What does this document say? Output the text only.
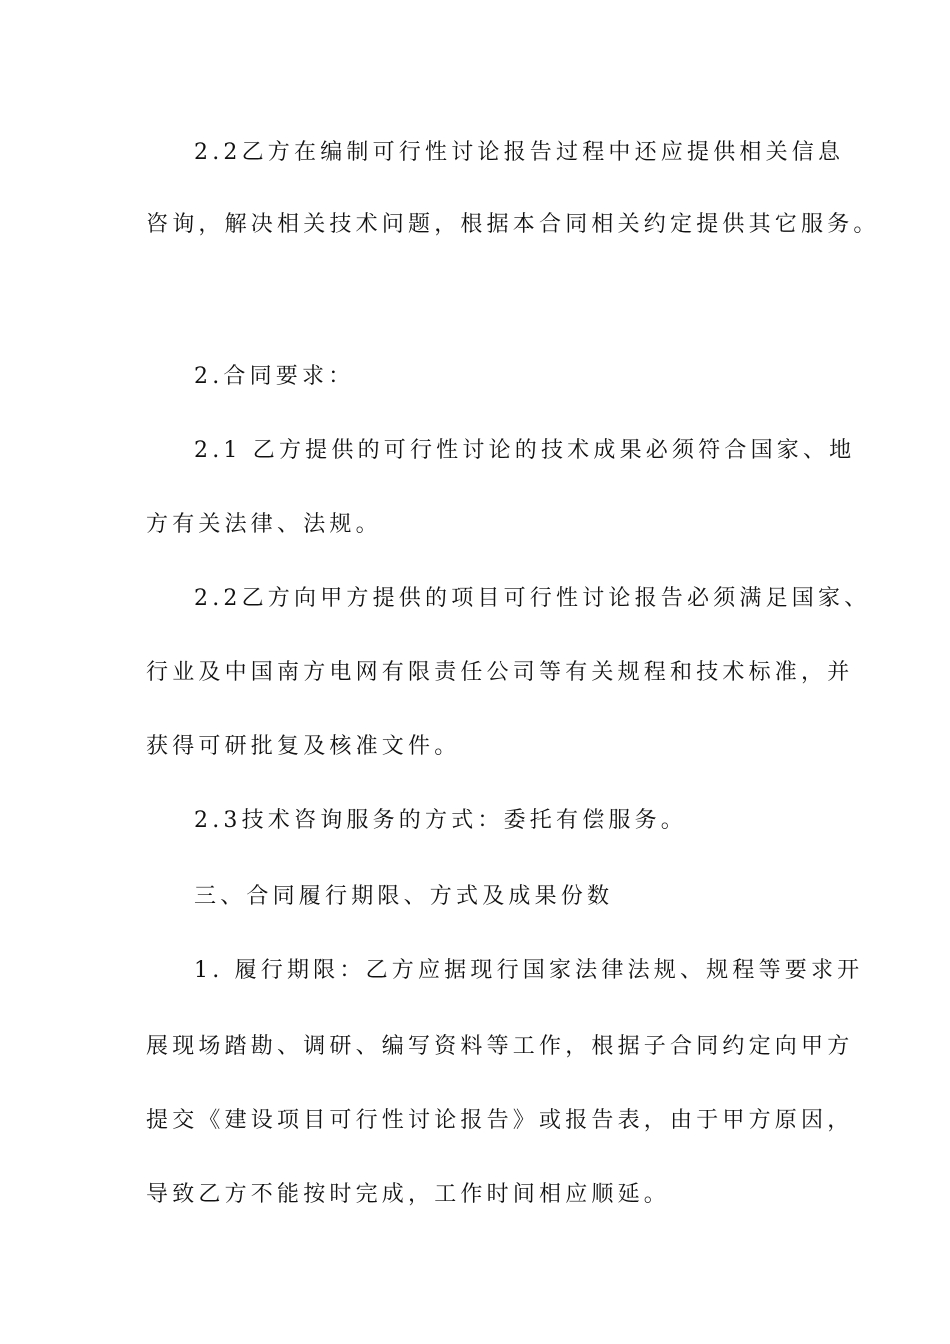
2.2乙方在编制可行性讨论报告过程中还应提供相关信息
咨询，解决相关技术问题，根据本合同相关约定提供其它服务。
2.合同要求：
2.1 乙方提供的可行性讨论的技术成果必须符合国家、地
方有关法律、法规。
2.2乙方向甲方提供的项目可行性讨论报告必须满足国家、
行业及中国南方电网有限责任公司等有关规程和技术标准，并
获得可研批复及核准文件。
2.3技术咨询服务的方式：委托有偿服务。
三、合同履行期限、方式及成果份数
1. 履行期限：乙方应据现行国家法律法规、规程等要求开
展现场踏勘、调研、编写资料等工作，根据子合同约定向甲方
提交《建设项目可行性讨论报告》或报告表，由于甲方原因，
导致乙方不能按时完成，工作时间相应顺延。
